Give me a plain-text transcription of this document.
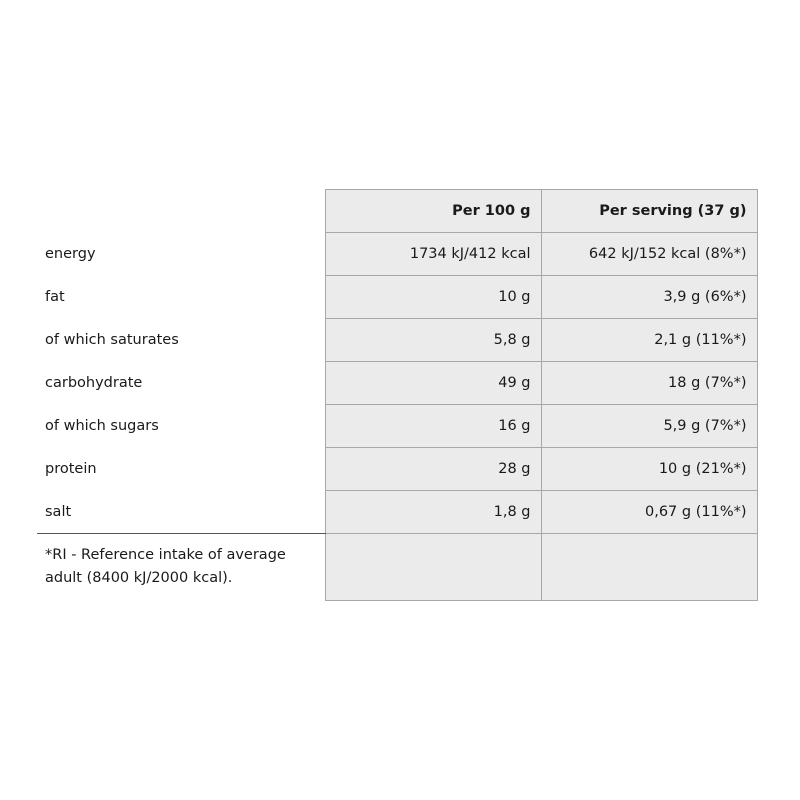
	Per 100 g	Per serving (37 g)
energy	1734 kJ/412 kcal	642 kJ/152 kcal (8%*)
fat	10 g	3,9 g (6%*)
of which saturates	5,8 g	2,1 g (11%*)
carbohydrate	49 g	18 g (7%*)
of which sugars	16 g	5,9 g (7%*)
protein	28 g	10 g (21%*)
salt	1,8 g	0,67 g (11%*)
*RI - Reference intake of average adult (8400 kJ/2000 kcal).		
